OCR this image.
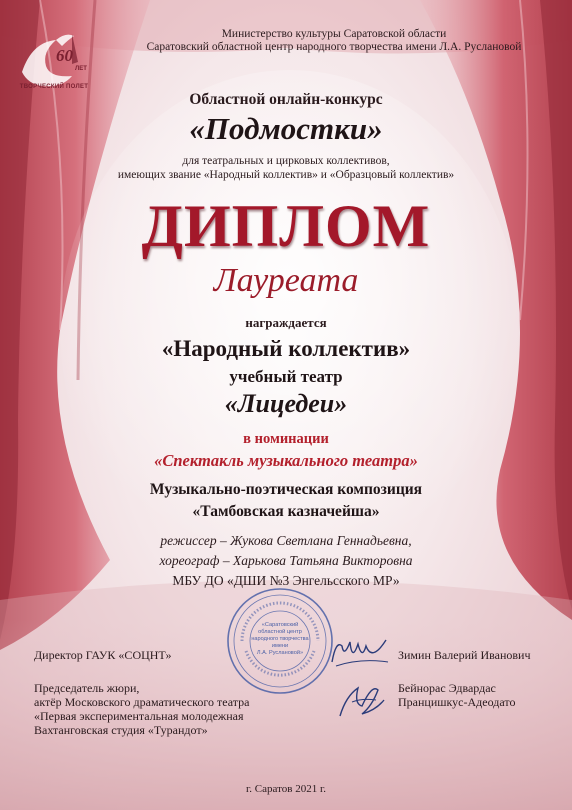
60
ЛЕТ
ТВОРЧЕСКИЙ ПОЛЕТ

Министерство культуры Саратовской области

Саратовский областной центр народного творчества имени Л.А. Руслановой

Областной онлайн-конкурс

«Подмостки»

для театральных и цирковых коллективов,

имеющих звание «Народный коллектив» и «Образцовый коллектив»

ДИПЛОМ

Лауреата

награждается

«Народный коллектив»

учебный театр

«Лицедеи»

в номинации

«Спектакль музыкального театра»

Музыкально-поэтическая композиция

«Тамбовская казначейша»

режиссер – Жукова Светлана Геннадьевна,

хореограф – Харькова Татьяна Викторовна

МБУ ДО «ДШИ №3 Энгельсского МР»

«Саратовский
областной центр
народного творчества
имени
Л.А. Руслановой»
Директор ГАУК «СОЦНТ»	Зимин Валерий Иванович
Председатель жюри,
актёр Московского драматического театра
«Первая экспериментальная молодежная
Вахтанговская студия «Турандот»
Бейнорас Эдвардас
Пранцишкус-Адеодато

г. Саратов 2021 г.
